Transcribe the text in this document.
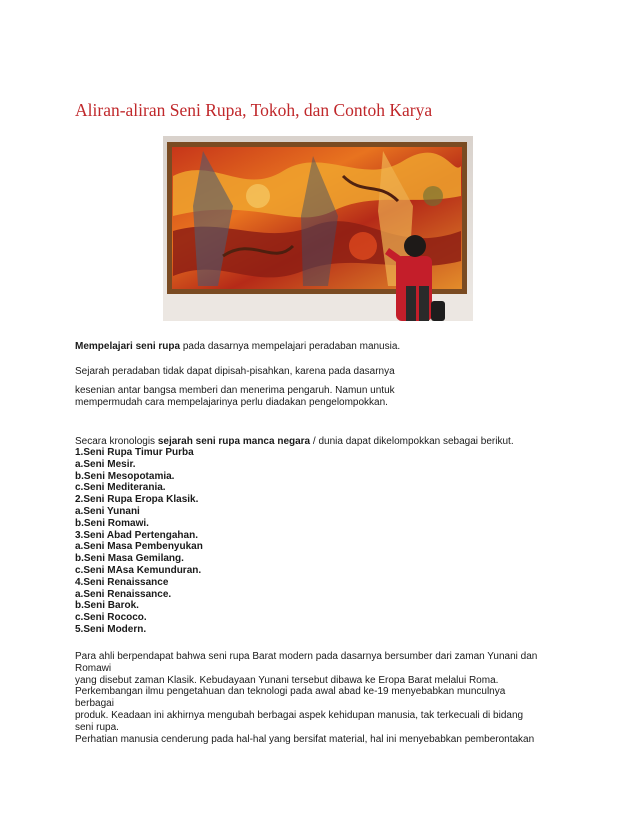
Aliran-aliran Seni Rupa, Tokoh, dan Contoh Karya
Mempelajari seni rupa pada dasarnya mempelajari peradaban manusia.
Sejarah peradaban tidak dapat dipisah-pisahkan, karena pada dasarnya
kesenian antar bangsa memberi dan menerima pengaruh. Namun untuk
mempermudah cara mempelajarinya perlu diadakan pengelompokkan.
Secara kronologis sejarah seni rupa manca negara / dunia dapat dikelompokkan sebagai berikut.
1.Seni Rupa Timur Purba
a.Seni Mesir.
b.Seni Mesopotamia.
c.Seni Mediterania.
2.Seni Rupa Eropa Klasik.
a.Seni Yunani
b.Seni Romawi.
3.Seni Abad Pertengahan.
a.Seni Masa Pembenyukan
b.Seni Masa Gemilang.
c.Seni MAsa Kemunduran.
4.Seni Renaissance
a.Seni Renaissance.
b.Seni Barok.
c.Seni Rococo.
5.Seni Modern.
Para ahli berpendapat bahwa seni rupa Barat modern pada dasarnya bersumber dari zaman Yunani dan
Romawi
yang disebut zaman Klasik. Kebudayaan Yunani tersebut dibawa ke Eropa Barat melalui Roma.
Perkembangan ilmu pengetahuan dan teknologi pada awal abad ke-19 menyebabkan munculnya
berbagai
produk. Keadaan ini akhirnya mengubah berbagai aspek kehidupan manusia, tak terkecuali di bidang
seni rupa.
Perhatian manusia cenderung pada hal-hal yang bersifat material, hal ini menyebabkan pemberontakan
